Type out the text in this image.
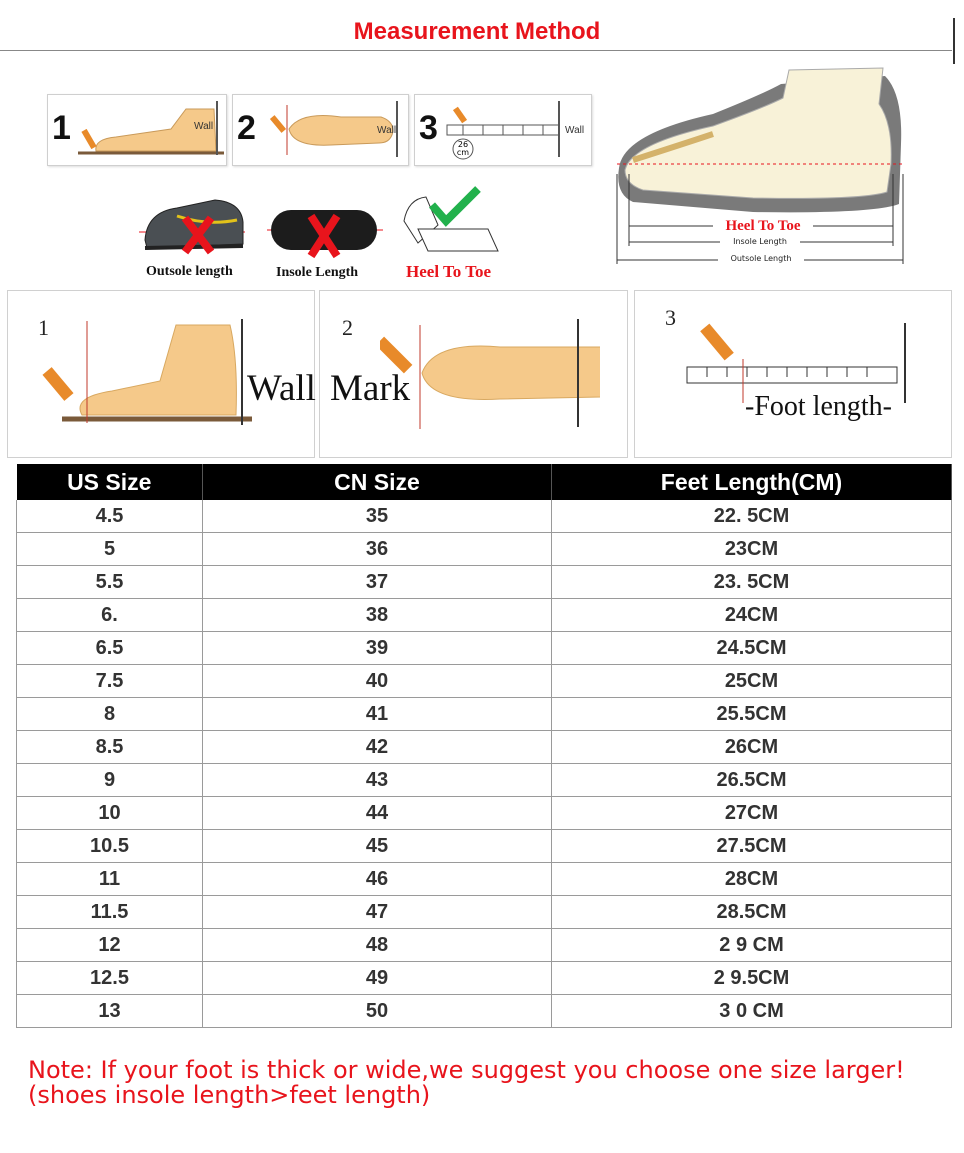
Measurement Method
1	Wall 2	Wall 3	26
cm
Wall
Outsole length	Insole Length	Heel To Toe
Heel To Toe
Insole Length
Outsole Length
1
Wall
2
Mark
3
-Foot length-
US Size	CN Size	Feet Length(CM)
4.5	35	22. 5CM
5	36	23CM
5.5	37	23. 5CM
6.	38	24CM
6.5	39	24.5CM
7.5	40	25CM
8	41	25.5CM
8.5	42	26CM
9	43	26.5CM
10	44	27CM
10.5	45	27.5CM
11	46	28CM
11.5	47	28.5CM
12	48	2 9 CM
12.5	49	2 9.5CM
13	50	3 0 CM
Note: If your foot is thick or wide,we suggest you choose one size larger!
(shoes insole length>feet length)
